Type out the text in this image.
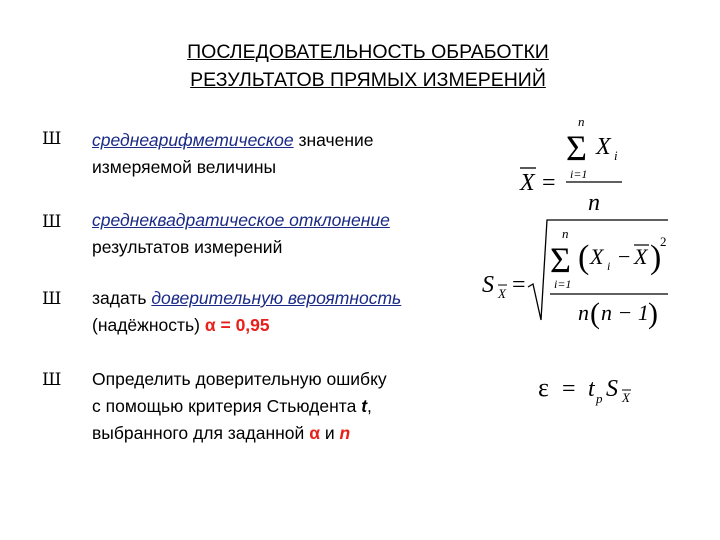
ПОСЛЕДОВАТЕЛЬНОСТЬ ОБРАБОТКИ
РЕЗУЛЬТАТОВ ПРЯМЫХ ИЗМЕРЕНИЙ
Ш среднеарифметическое значение
измеряемой величины
Ш среднеквадратическое отклонение
результатов измерений
Ш задать доверительную вероятность
(надёжность) α = 0,95
Ш Определить доверительную ошибку
с помощью критерия Стьюдента t,
выбранного для заданной α и n
X =
n
Σ
i=1
X i
n
S X =
n
Σ
i=1
( X i − X )
2
n ( n − 1 )
ε = t p S X
